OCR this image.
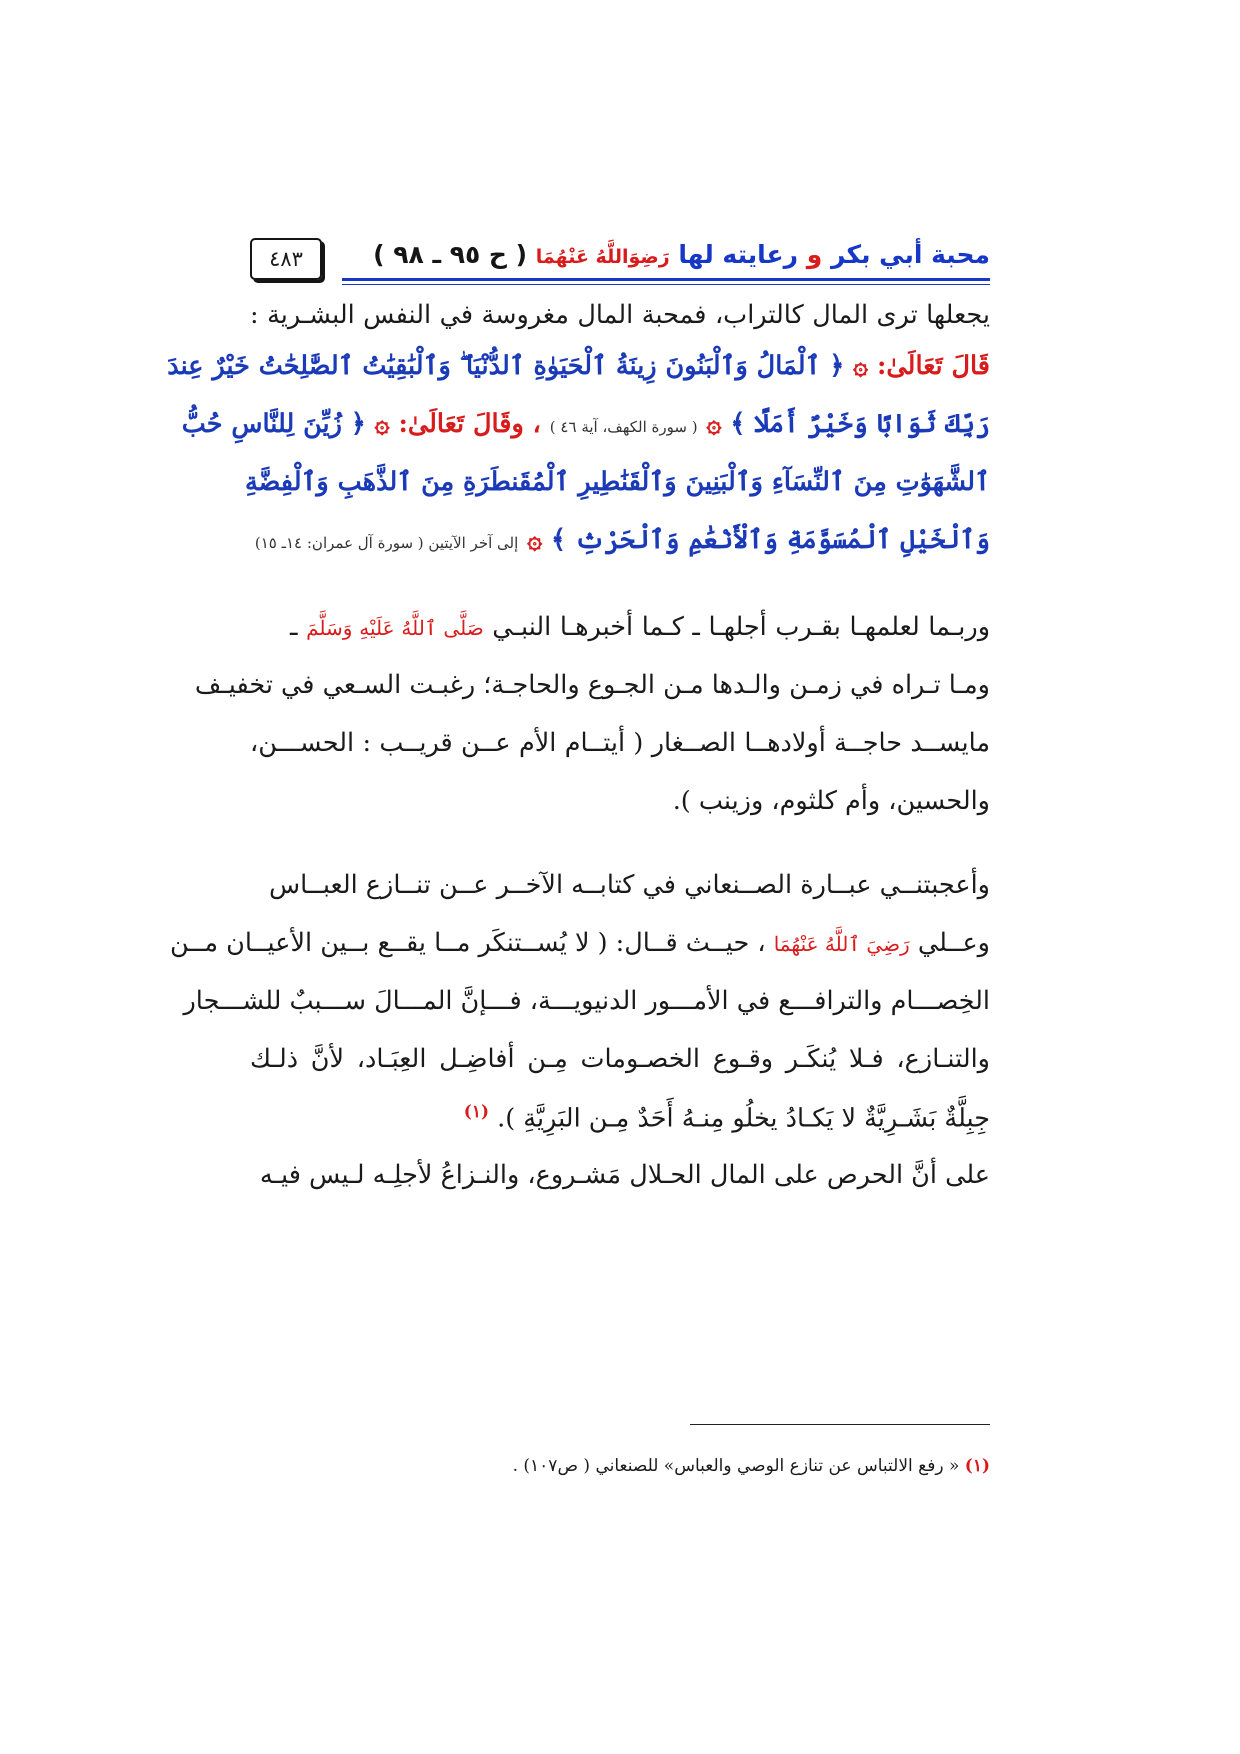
محبة أبي بكر و رعايته لها رَضِوَاللَّهُ عَنْهُمَا ( ح ٩٥ ـ ٩٨ )
٤٨٣
يجعلها ترى المال كالتراب، فمحبة المال مغروسة في النفس البشـرية :
قَالَ تَعَالَىٰ: ۞ ﴿ ٱلْمَالُ وَٱلْبَنُونَ زِينَةُ ٱلْحَيَوٰةِ ٱلدُّنْيَا ۖ وَٱلْبَٰقِيَٰتُ ٱلصَّٰلِحَٰتُ خَيْرٌ عِندَ
رَبِّكَ ثَوَابًا وَخَيْرٌ أَمَلًا ﴾ ۞ ( سورة الكهف، آية ٤٦ ) ، وقَالَ تَعَالَىٰ: ۞ ﴿ زُيِّنَ لِلنَّاسِ حُبُّ
ٱلشَّهَوَٰتِ مِنَ ٱلنِّسَآءِ وَٱلْبَنِينَ وَٱلْقَنَٰطِيرِ ٱلْمُقَنطَرَةِ مِنَ ٱلذَّهَبِ وَٱلْفِضَّةِ
وَٱلْخَيْلِ ٱلْمُسَوَّمَةِ وَٱلْأَنْعَٰمِ وَٱلْحَرْثِ ﴾ ۞ إلى آخر الآيتين ( سورة آل عمران: ١٤ـ ١٥)
وربـما لعلمهـا بقـرب أجلهـا ـ كـما أخبرهـا النبـي صَلَّى ٱللَّهُ عَلَيْهِ وَسَلَّمَ ـ
ومـا تـراه في زمـن والـدها مـن الجـوع والحاجـة؛ رغبـت السـعي في تخفيـف
مايســد حاجــة أولادهــا الصــغار ( أيتــام الأم عــن قريــب : الحســـن،
والحسين، وأم كلثوم، وزينب ).
وأعجبتنــي عبــارة الصــنعاني في كتابــه الآخــر عــن تنــازع العبــاس
وعــلي رَضِيَ ٱللَّهُ عَنْهُمَا ، حيــث قــال: ( لا يُســتنكَر مــا يقــع بــين الأعيــان مــن
الخِصـــام والترافـــع في الأمـــور الدنيويـــة، فـــإنَّ المـــالَ ســـببٌ للشـــجار
والتنـازع، فـلا يُنكَـر وقـوع الخصـومات مِـن أفاضِـل العِبَـاد، لأنَّ ذلـك
جِبِلَّةٌ بَشَـرِيَّةٌ لا يَكـادُ يخلُو مِنـهُ أَحَدٌ مِـن البَرِيَّةِ ). $^{(١)}$
على أنَّ الحرص على المال الحـلال مَشـروع، والنـزاعُ لأجلِـه لـيس فيـه
(١) « رفع الالتباس عن تنازع الوصي والعباس» للصنعاني ( ص١٠٧) .
